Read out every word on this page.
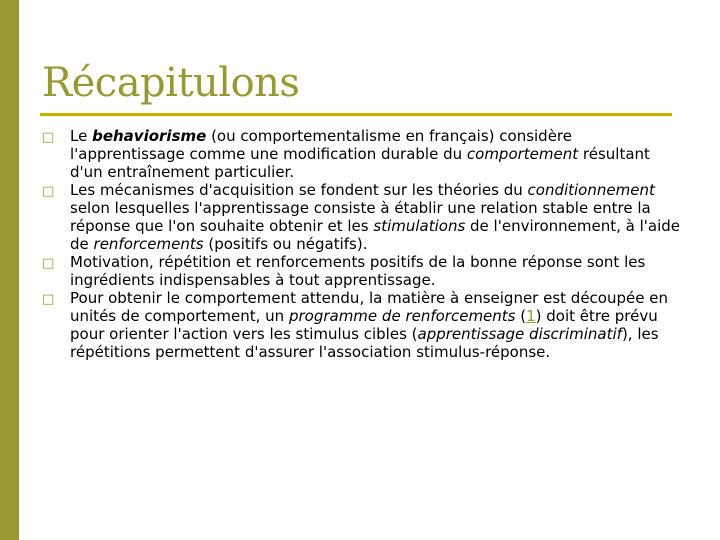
Récapitulons
□	Le behaviorisme (ou comportementalisme en français) considère l'apprentissage comme une modification durable du comportement résultant d'un entraînement particulier.
□	Les mécanismes d'acquisition se fondent sur les théories du conditionnement selon lesquelles l'apprentissage consiste à établir une relation stable entre la réponse que l'on souhaite obtenir et les stimulations de l'environnement, à l'aide de renforcements (positifs ou négatifs).
□	Motivation, répétition et renforcements positifs de la bonne réponse sont les ingrédients indispensables à tout apprentissage.
□	Pour obtenir le comportement attendu, la matière à enseigner est découpée en unités de comportement, un programme de renforcements (1) doit être prévu pour orienter l'action vers les stimulus cibles (apprentissage discriminatif), les répétitions permettent d'assurer l'association stimulus-réponse.
